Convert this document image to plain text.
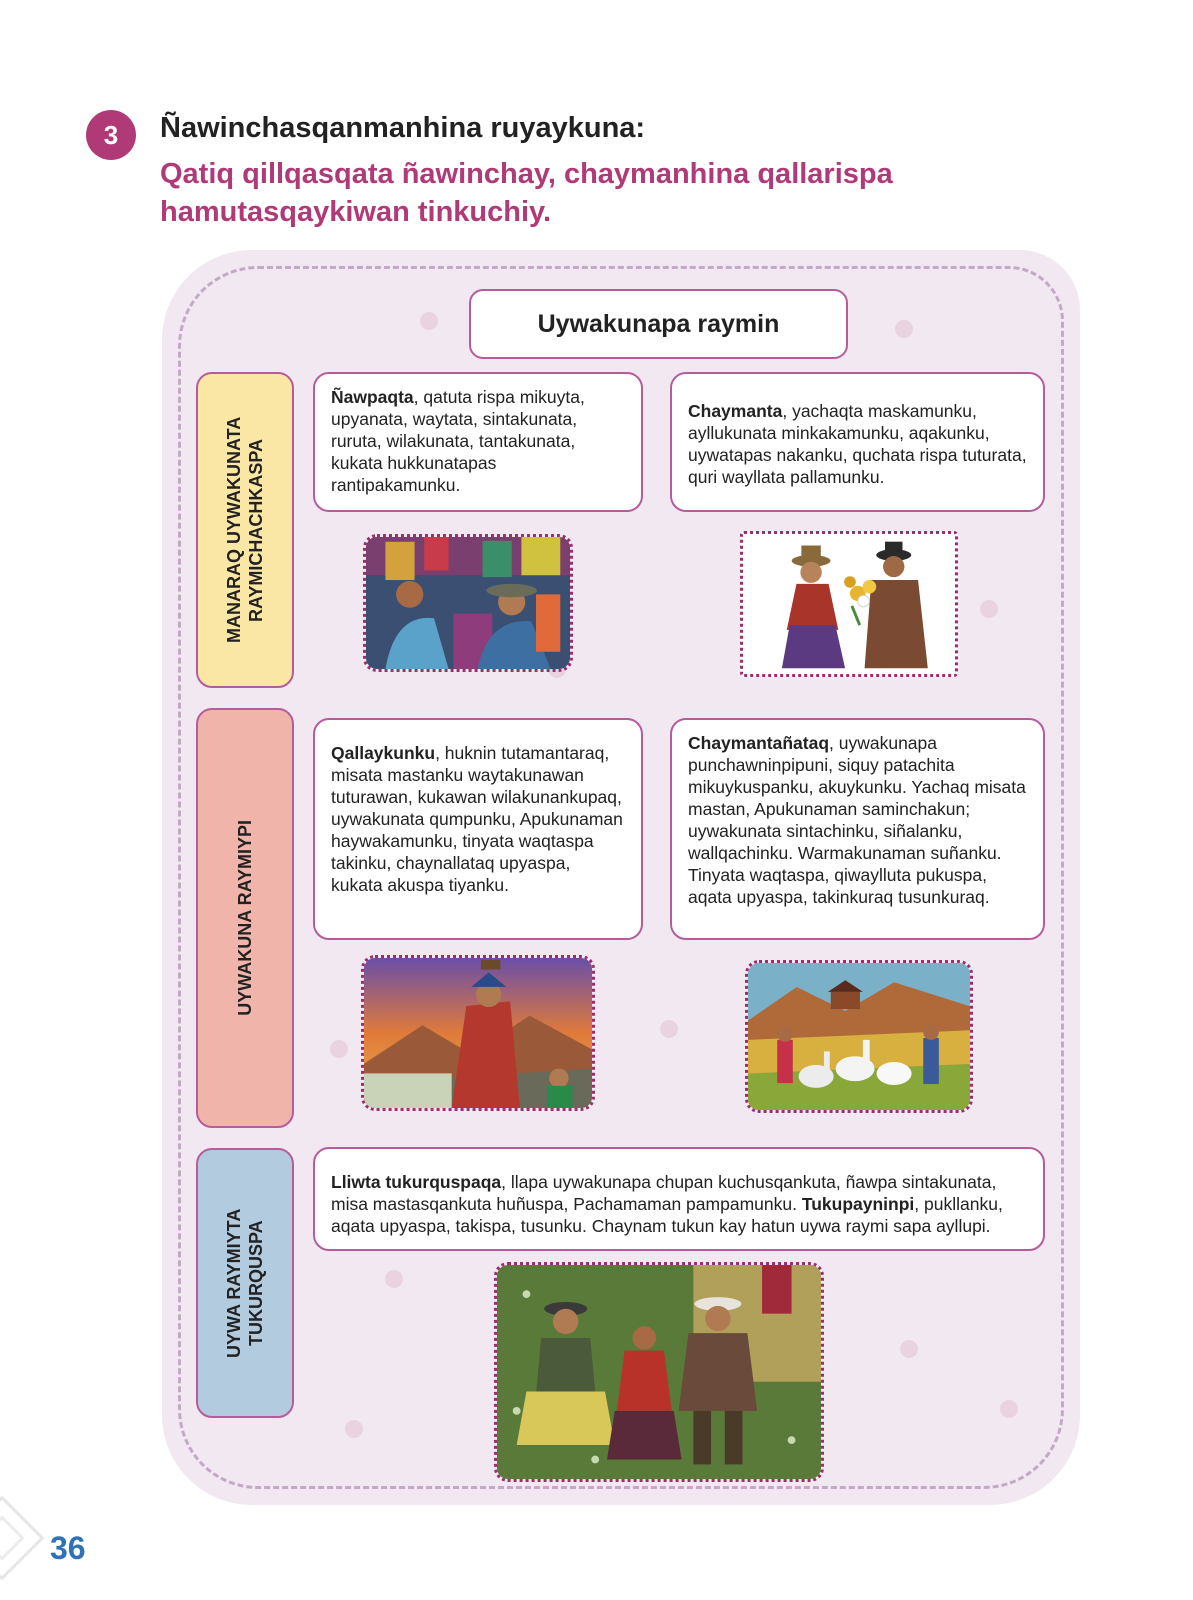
3	Ñawinchasqanmanhina ruyaykuna:
Qatiq qillqasqata ñawinchay, chaymanhina qallarispa hamutasqaykiwan tinkuchiy.
Uywakunapa raymin
MANARAQ UYWAKUNATA RAYMICHACHKASPA
UYWAKUNA RAYMIYPI
UYWA RAYMIYTA TUKURQUSPA
Ñawpaqta, qatuta rispa mikuyta, upyanata, waytata, sintakunata, ruruta, wilakunata, tantakunata, kukata hukkunatapas rantipakamunku.
Chaymanta, yachaqta maskamunku, ayllukunata minkakamunku, aqakunku, uywatapas nakanku, quchata rispa tuturata, quri wayllata pallamunku.
Qallaykunku, huknin tutamantaraq, misata mastanku waytakunawan tuturawan, kukawan wilakunankupaq, uywakunata qumpunku, Apukunaman haywakamunku, tinyata waqtaspa takinku, chaynallataq upyaspa, kukata akuspa tiyanku.
Chaymantañataq, uywakunapa punchawninpipuni, siquy patachita mikuykuspanku, akuykunku. Yachaq misata mastan, Apukunaman saminchakun; uywakunata sintachinku, siñalanku, wallqachinku. Warmakunaman suñanku. Tinyata waqtaspa, qiwaylluta pukuspa, aqata upyaspa, takinkuraq tusunkuraq.
Lliwta tukurquspaqa, llapa uywakunapa chupan kuchusqankuta, ñawpa sintakunata, misa mastasqankuta huñuspa, Pachamaman pampamunku. Tukupayninpi, pukllanku, aqata upyaspa, takispa, tusunku. Chaynam tukun kay hatun uywa raymi sapa ayllupi.
36
